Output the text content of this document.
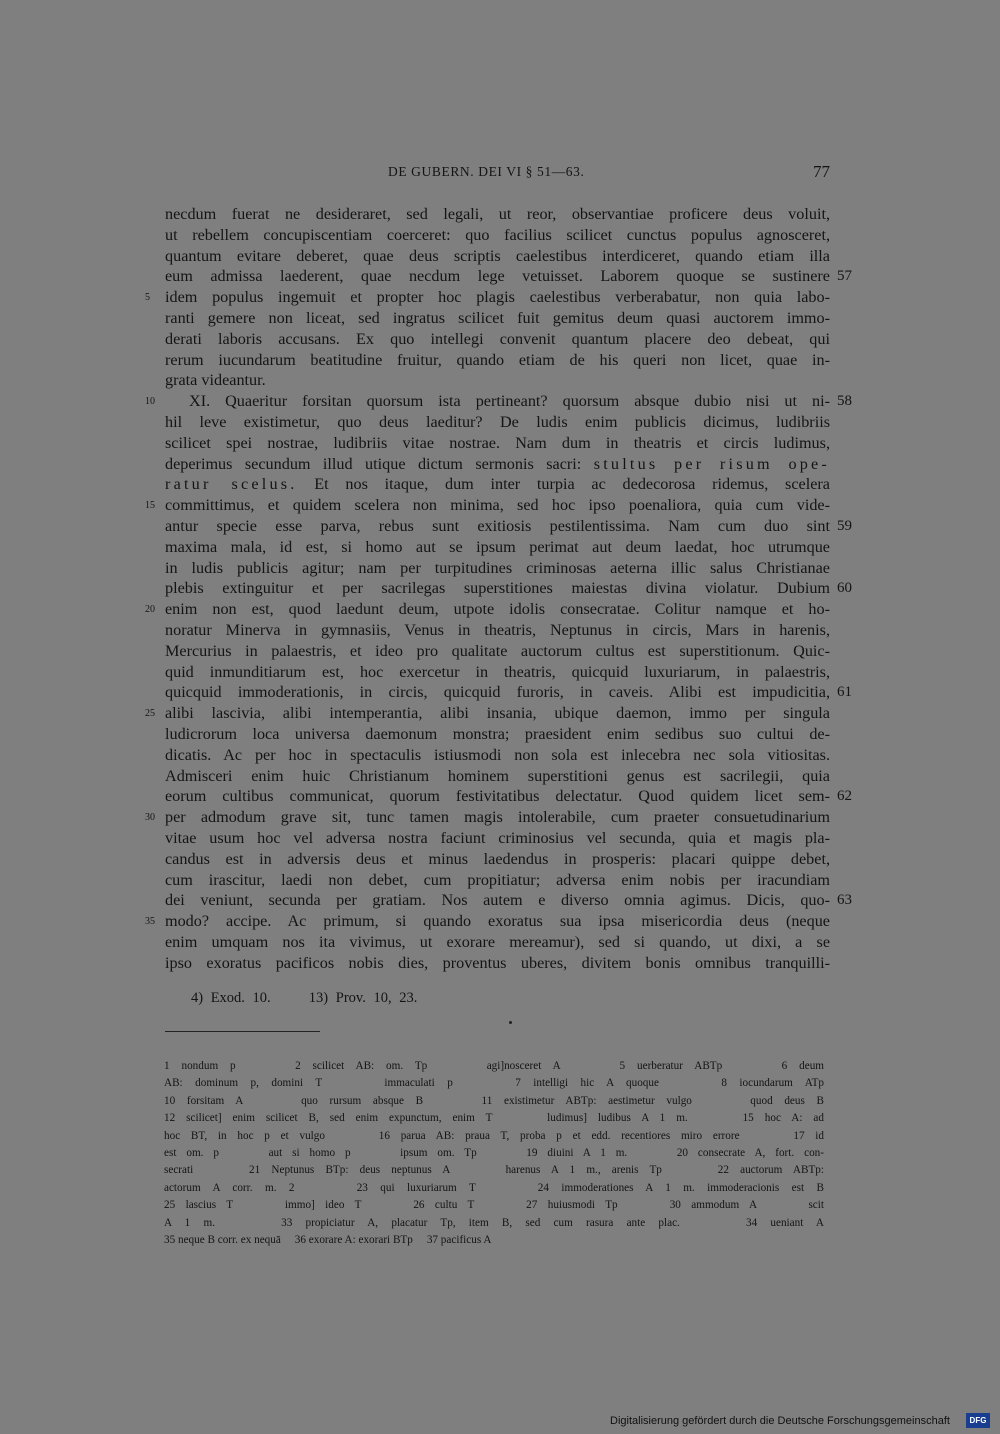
DE GUBERN. DEI VI § 51—63.	77
necdum fuerat ne desideraret, sed legali, ut reor, observantiae proficere deus voluit,
ut rebellem concupiscentiam coerceret: quo facilius scilicet cunctus populus agnosceret,
quantum evitare deberet, quae deus scriptis caelestibus interdiceret, quando etiam illa
eum admissa laederent, quae necdum lege vetuisset. Laborem quoque se sustinere 57
idem populus ingemuit et propter hoc plagis caelestibus verberabatur, non quia labo-
5
ranti gemere non liceat, sed ingratus scilicet fuit gemitus deum quasi auctorem immo-
derati laboris accusans. Ex quo intellegi convenit quantum placere deo debeat, qui
rerum iucundarum beatitudine fruitur, quando etiam de his queri non licet, quae in-
grata videantur.
XI. Quaeritur forsitan quorsum ista pertineant? quorsum absque dubio nisi ut ni-
10	58
hil leve existimetur, quo deus laeditur? De ludis enim publicis dicimus, ludibriis
scilicet spei nostrae, ludibriis vitae nostrae. Nam dum in theatris et circis ludimus,
deperimus secundum illud utique dictum sermonis sacri: stultus per risum ope-
ratur scelus. Et nos itaque, dum inter turpia ac dedecorosa ridemus, scelera
committimus, et quidem scelera non minima, sed hoc ipso poenaliora, quia cum vide-
15
antur specie esse parva, rebus sunt exitiosis pestilentissima. Nam cum duo sint 59
maxima mala, id est, si homo aut se ipsum perimat aut deum laedat, hoc utrumque
in ludis publicis agitur; nam per turpitudines criminosas aeterna illic salus Christianae
plebis extinguitur et per sacrilegas superstitiones maiestas divina violatur. Dubium 60
enim non est, quod laedunt deum, utpote idolis consecratae. Colitur namque et ho-
20
noratur Minerva in gymnasiis, Venus in theatris, Neptunus in circis, Mars in harenis,
Mercurius in palaestris, et ideo pro qualitate auctorum cultus est superstitionum. Quic-
quid inmunditiarum est, hoc exercetur in theatris, quicquid luxuriarum, in palaestris,
quicquid immoderationis, in circis, quicquid furoris, in caveis. Alibi est impudicitia, 61
alibi lascivia, alibi intemperantia, alibi insania, ubique daemon, immo per singula
25
ludicrorum loca universa daemonum monstra; praesident enim sedibus suo cultui de-
dicatis. Ac per hoc in spectaculis istiusmodi non sola est inlecebra nec sola vitiositas.
Admisceri enim huic Christianum hominem superstitioni genus est sacrilegii, quia
eorum cultibus communicat, quorum festivitatibus delectatur. Quod quidem licet sem- 62
per admodum grave sit, tunc tamen magis intolerabile, cum praeter consuetudinarium
30
vitae usum hoc vel adversa nostra faciunt criminosius vel secunda, quia et magis pla-
candus est in adversis deus et minus laedendus in prosperis: placari quippe debet,
cum irascitur, laedi non debet, cum propitiatur; adversa enim nobis per iracundiam
dei veniunt, secunda per gratiam. Nos autem e diverso omnia agimus. Dicis, quo- 63
modo? accipe. Ac primum, si quando exoratus sua ipsa misericordia deus (neque
35
enim umquam nos ita vivimus, ut exorare mereamur), sed si quando, ut dixi, a se
ipso exoratus pacificos nobis dies, proventus uberes, divitem bonis omnibus tranquilli-
4) Exod. 10.     13) Prov. 10, 23.
1 nondum p     2 scilicet AB: om. Tp     agi]nosceret A     5 uerberatur ABTp     6 deum
AB: dominum p, domini T     immaculati p     7 intelligi hic A quoque     8 iocundarum ATp
10 forsitam A     quo rursum absque B     11 existimetur ABTp: aestimetur vulgo     quod deus B
12 scilicet] enim scilicet B, sed enim expunctum, enim T     ludimus] ludibus A 1 m.     15 hoc A: ad
hoc BT, in hoc p et vulgo     16 parua AB: praua T, proba p et edd. recentiores miro errore     17 id
est om. p     aut si homo p     ipsum om. Tp     19 diuini A 1 m.     20 consecrate A, fort. con-
secrati     21 Neptunus BTp: deus neptunus A     harenus A 1 m., arenis Tp     22 auctorum ABTp:
actorum A corr. m. 2     23 qui luxuriarum T     24 immoderationes A 1 m. immoderacionis est B
25 lascius T     immo] ideo T     26 cultu T     27 huiusmodi Tp     30 ammodum A     scit
A 1 m.     33 propiciatur A, placatur Tp, item B, sed cum rasura ante plac.     34 ueniant A
35 neque B corr. ex nequā     36 exorare A: exorari BTp     37 pacificus A
Digitalisierung gefördert durch die Deutsche Forschungsgemeinschaft	DFG
